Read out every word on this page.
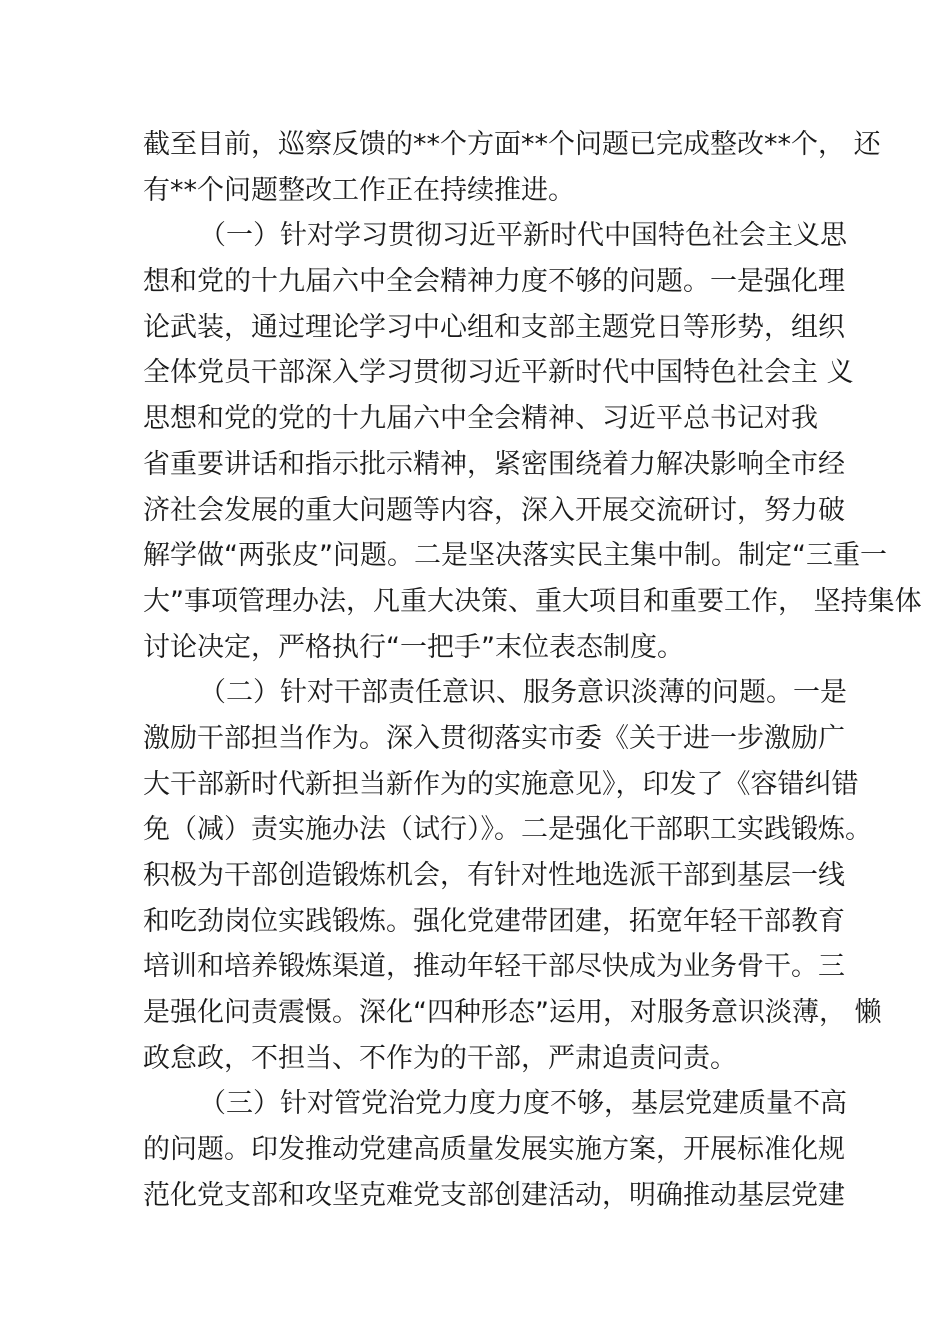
截至目前，巡察反馈的**个方面**个问题已完成整改**个， 还
有**个问题整改工作正在持续推进。
（一）针对学习贯彻习近平新时代中国特色社会主义思
想和党的十九届六中全会精神力度不够的问题。一是强化理
论武装，通过理论学习中心组和支部主题党日等形势，组织
全体党员干部深入学习贯彻习近平新时代中国特色社会主 义
思想和党的党的十九届六中全会精神、习近平总书记对我
省重要讲话和指示批示精神，紧密围绕着力解决影响全市经
济社会发展的重大问题等内容，深入开展交流研讨，努力破
解学做“两张皮”问题。二是坚决落实民主集中制。制定“三重一
大”事项管理办法，凡重大决策、重大项目和重要工作， 坚持集体
讨论决定，严格执行“一把手”末位表态制度。
（二）针对干部责任意识、服务意识淡薄的问题。一是
激励干部担当作为。深入贯彻落实市委《关于进一步激励广
大干部新时代新担当新作为的实施意见》，印发了《容错纠错
免（减）责实施办法（试行）》。二是强化干部职工实践锻炼。
积极为干部创造锻炼机会，有针对性地选派干部到基层一线
和吃劲岗位实践锻炼。强化党建带团建，拓宽年轻干部教育
培训和培养锻炼渠道，推动年轻干部尽快成为业务骨干。三
是强化问责震慑。深化“四种形态”运用，对服务意识淡薄， 懒
政怠政，不担当、不作为的干部，严肃追责问责。
（三）针对管党治党力度力度不够，基层党建质量不高
的问题。印发推动党建高质量发展实施方案，开展标准化规
范化党支部和攻坚克难党支部创建活动，明确推动基层党建
